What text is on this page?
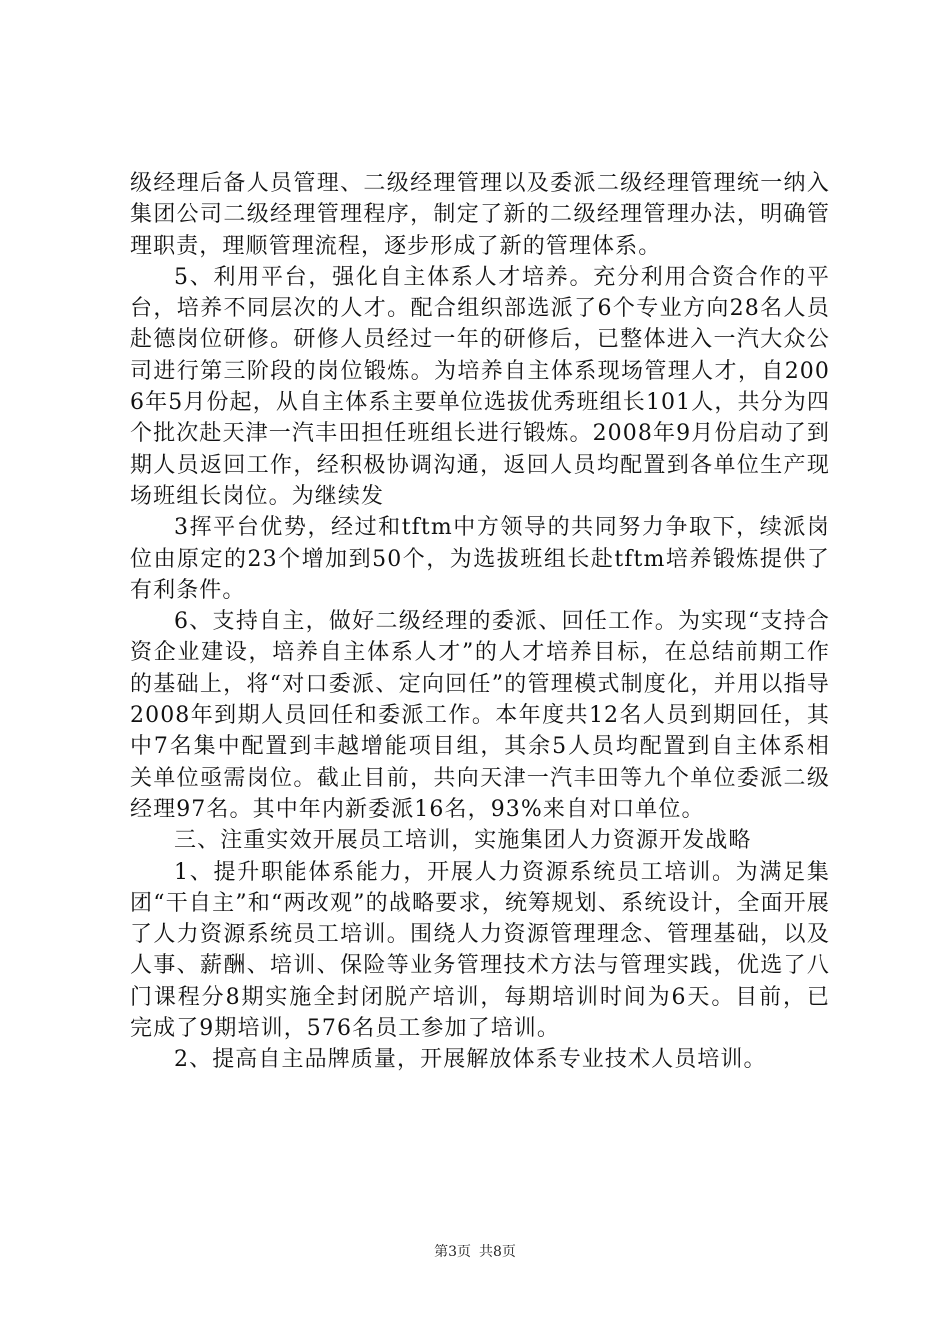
级经理后备人员管理、二级经理管理以及委派二级经理管理统一纳入集团公司二级经理管理程序，制定了新的二级经理管理办法，明确管理职责，理顺管理流程，逐步形成了新的管理体系。

5、利用平台，强化自主体系人才培养。充分利用合资合作的平台，培养不同层次的人才。配合组织部选派了6个专业方向28名人员赴德岗位研修。研修人员经过一年的研修后，已整体进入一汽大众公司进行第三阶段的岗位锻炼。为培养自主体系现场管理人才，自2006年5月份起，从自主体系主要单位选拔优秀班组长101人，共分为四个批次赴天津一汽丰田担任班组长进行锻炼。2008年9月份启动了到期人员返回工作，经积极协调沟通，返回人员均配置到各单位生产现场班组长岗位。为继续发

3挥平台优势，经过和tftm中方领导的共同努力争取下，续派岗位由原定的23个增加到50个，为选拔班组长赴tftm培养锻炼提供了有利条件。

6、支持自主，做好二级经理的委派、回任工作。为实现“支持合资企业建设，培养自主体系人才”的人才培养目标，在总结前期工作的基础上，将“对口委派、定向回任”的管理模式制度化，并用以指导2008年到期人员回任和委派工作。本年度共12名人员到期回任，其中7名集中配置到丰越增能项目组，其余5人员均配置到自主体系相关单位亟需岗位。截止目前，共向天津一汽丰田等九个单位委派二级经理97名。其中年内新委派16名，93%来自对口单位。

三、注重实效开展员工培训，实施集团人力资源开发战略

1、提升职能体系能力，开展人力资源系统员工培训。为满足集团“干自主”和“两改观”的战略要求，统筹规划、系统设计，全面开展了人力资源系统员工培训。围绕人力资源管理理念、管理基础，以及人事、薪酬、培训、保险等业务管理技术方法与管理实践，优选了八门课程分8期实施全封闭脱产培训，每期培训时间为6天。目前，已完成了9期培训，576名员工参加了培训。

2、提高自主品牌质量，开展解放体系专业技术人员培训。

第3页 共8页
